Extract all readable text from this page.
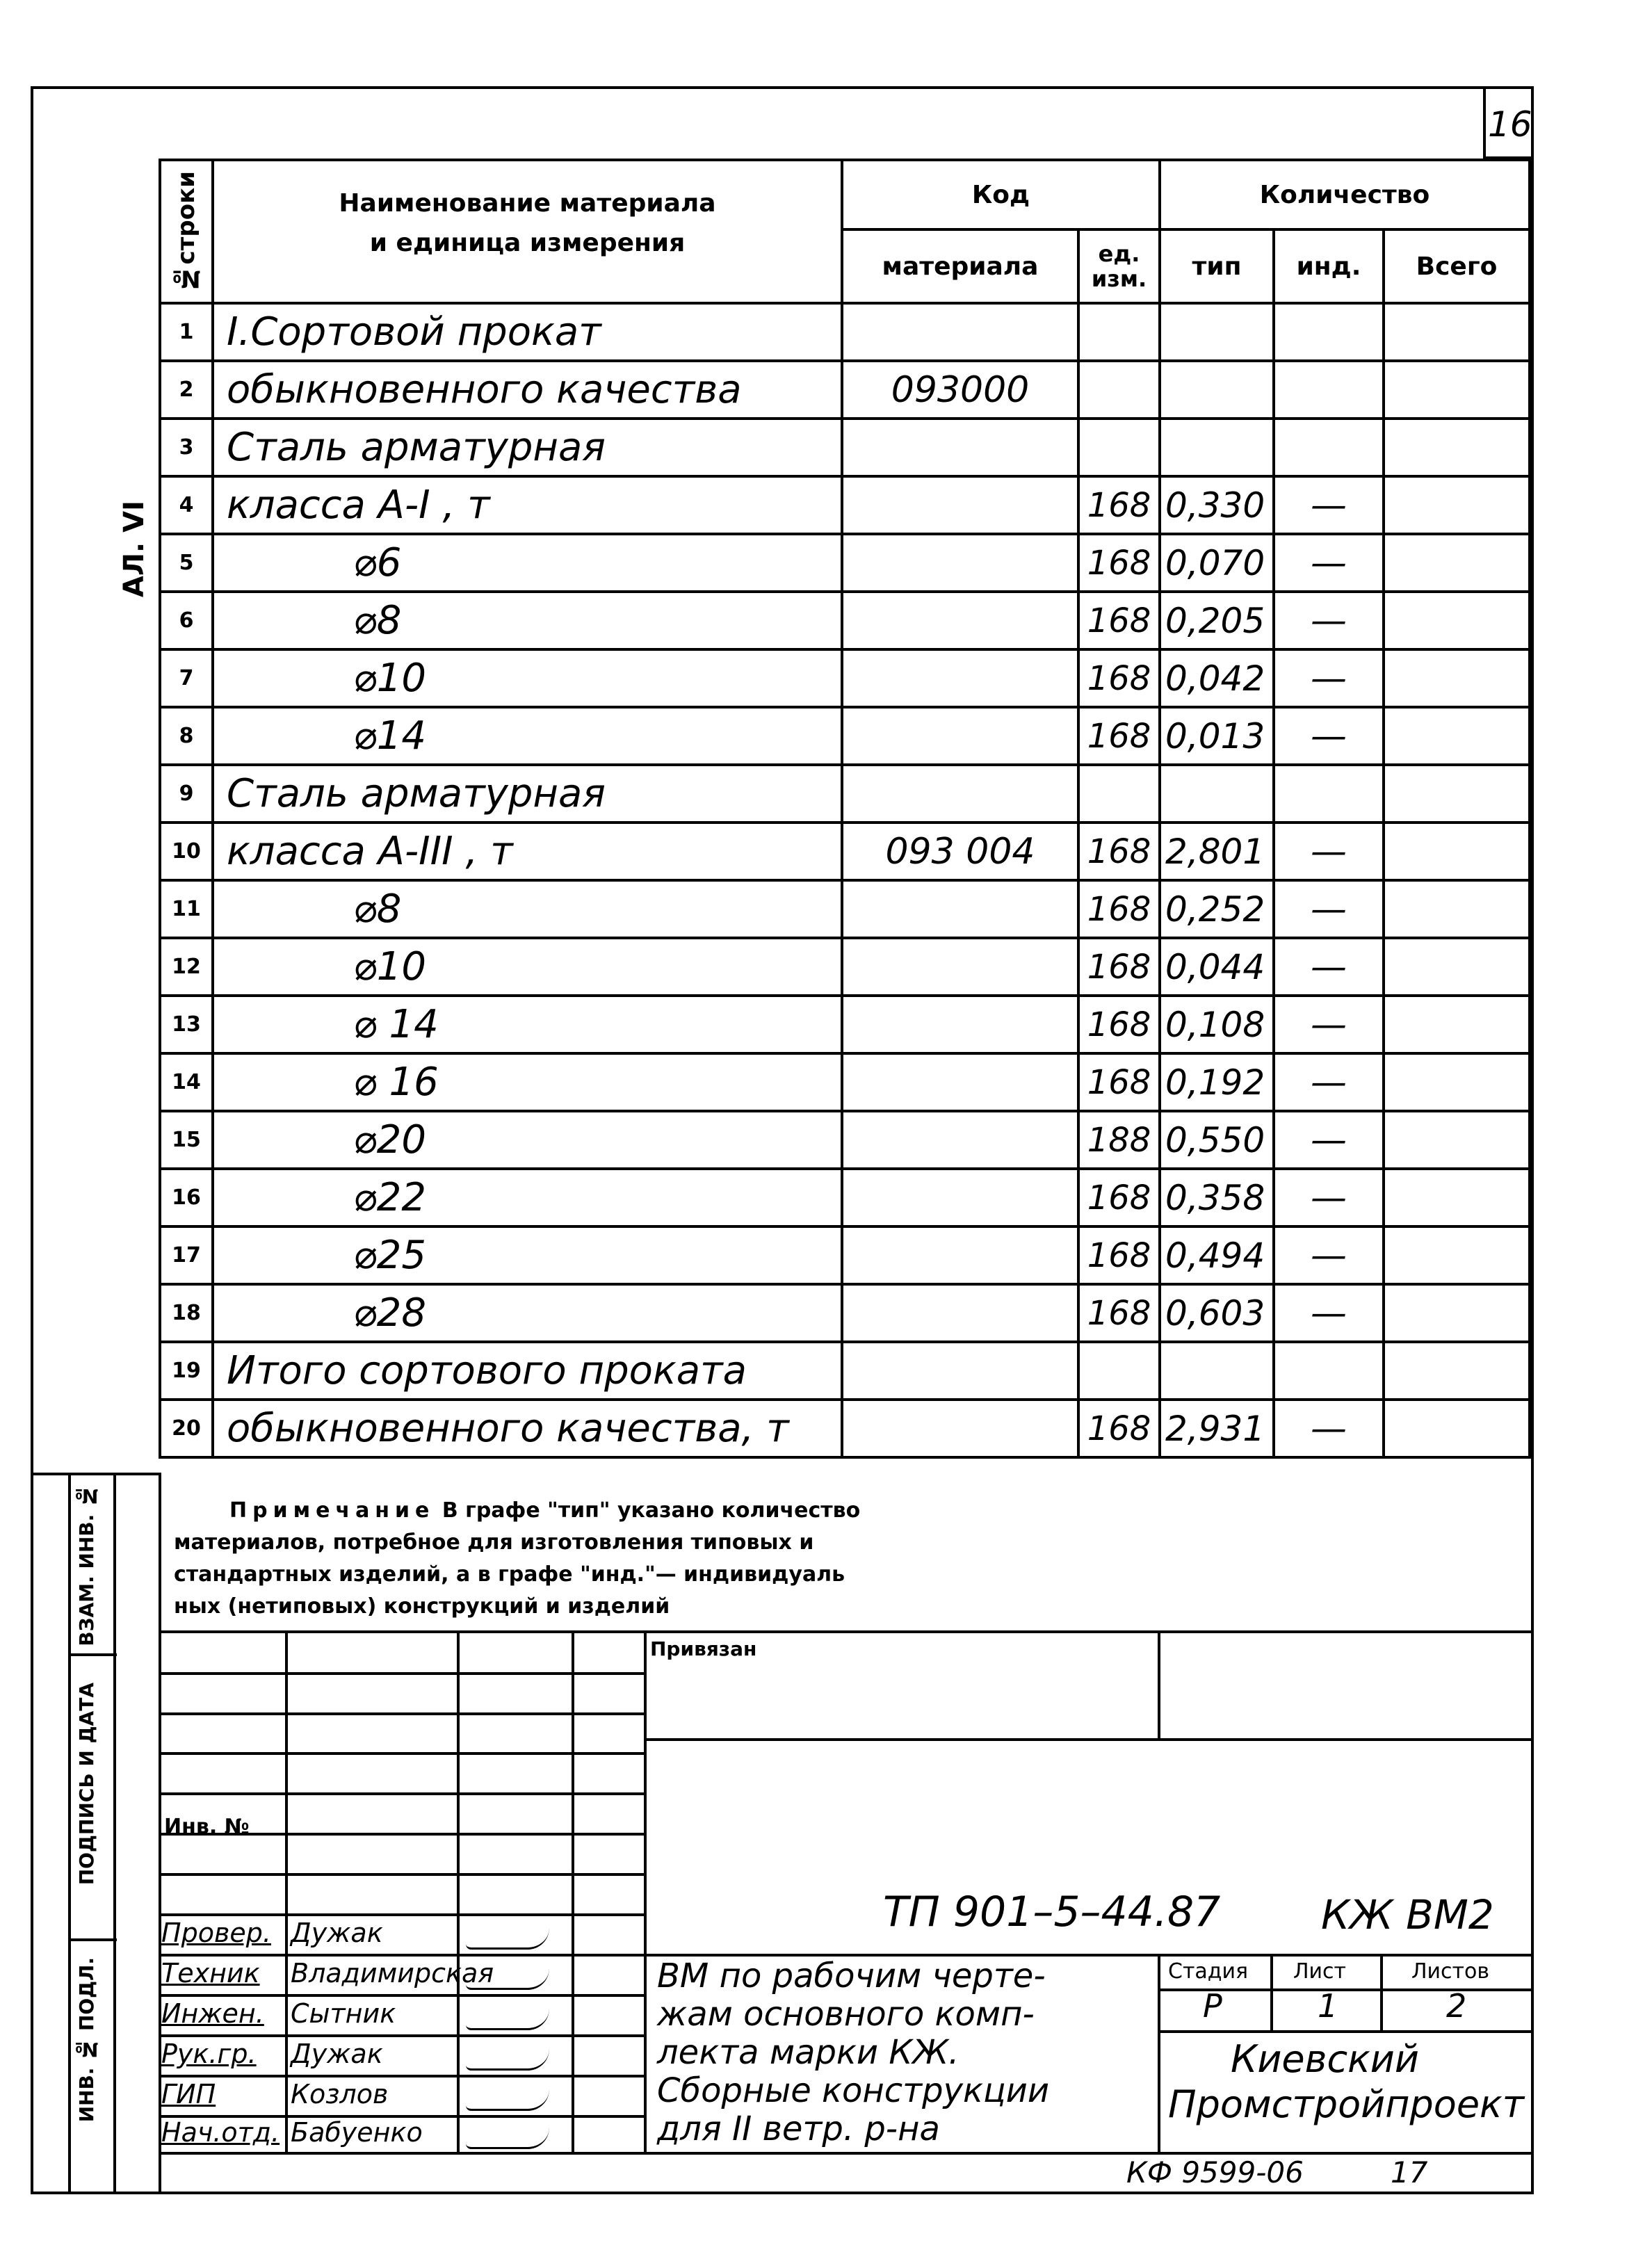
16
АЛ. VI
№строки	Наименование материала
и единица измерения	Код		Количество		
		материала	ед. изм.	тип	инд.	Всего
1	I.Сортовой прокат					
2	обыкновенного качества	093000				
3	Сталь арматурная					
4	класса А-I , т		168	0,330	—	
5	⌀6		168	0,070	—	
6	⌀8		168	0,205	—	
7	⌀10		168	0,042	—	
8	⌀14		168	0,013	—	
9	Сталь арматурная					
10	класса А-III , т	093 004	168	2,801	—	
11	⌀8		168	0,252	—	
12	⌀10		168	0,044	—	
13	⌀ 14		168	0,108	—	
14	⌀ 16		168	0,192	—	
15	⌀20		188	0,550	—	
16	⌀22		168	0,358	—	
17	⌀25		168	0,494	—	
18	⌀28		168	0,603	—	
19	Итого сортового проката					
20	обыкновенного качества, т		168	2,931	—	
Примечание В графе "тип" указано количество
материалов, потребное для изготовления типовых и
стандартных изделий, а в графе "инд."— индивидуаль
ных (нетиповых) конструкций и изделий
ВЗАМ. ИНВ. №
ПОДПИСЬ И ДАТА
ИНВ. № ПОДЛ.
Привязан
Инв. №
ТП 901–5–44.87 КЖ ВМ2
Провер. Дужак
Техник Владимирская
Инжен. Сытник
Рук.гр. Дужак
ГИП	Козлов
Нач.отд. Бабуенко
ВМ по рабочим черте-
жам основного комп-
лекта марки КЖ.
Сборные конструкции
для II ветр. р-на
Стадия Лист	Листов
Р	1	2
Киевский
Промстройпроект
КФ 9599-06	17
